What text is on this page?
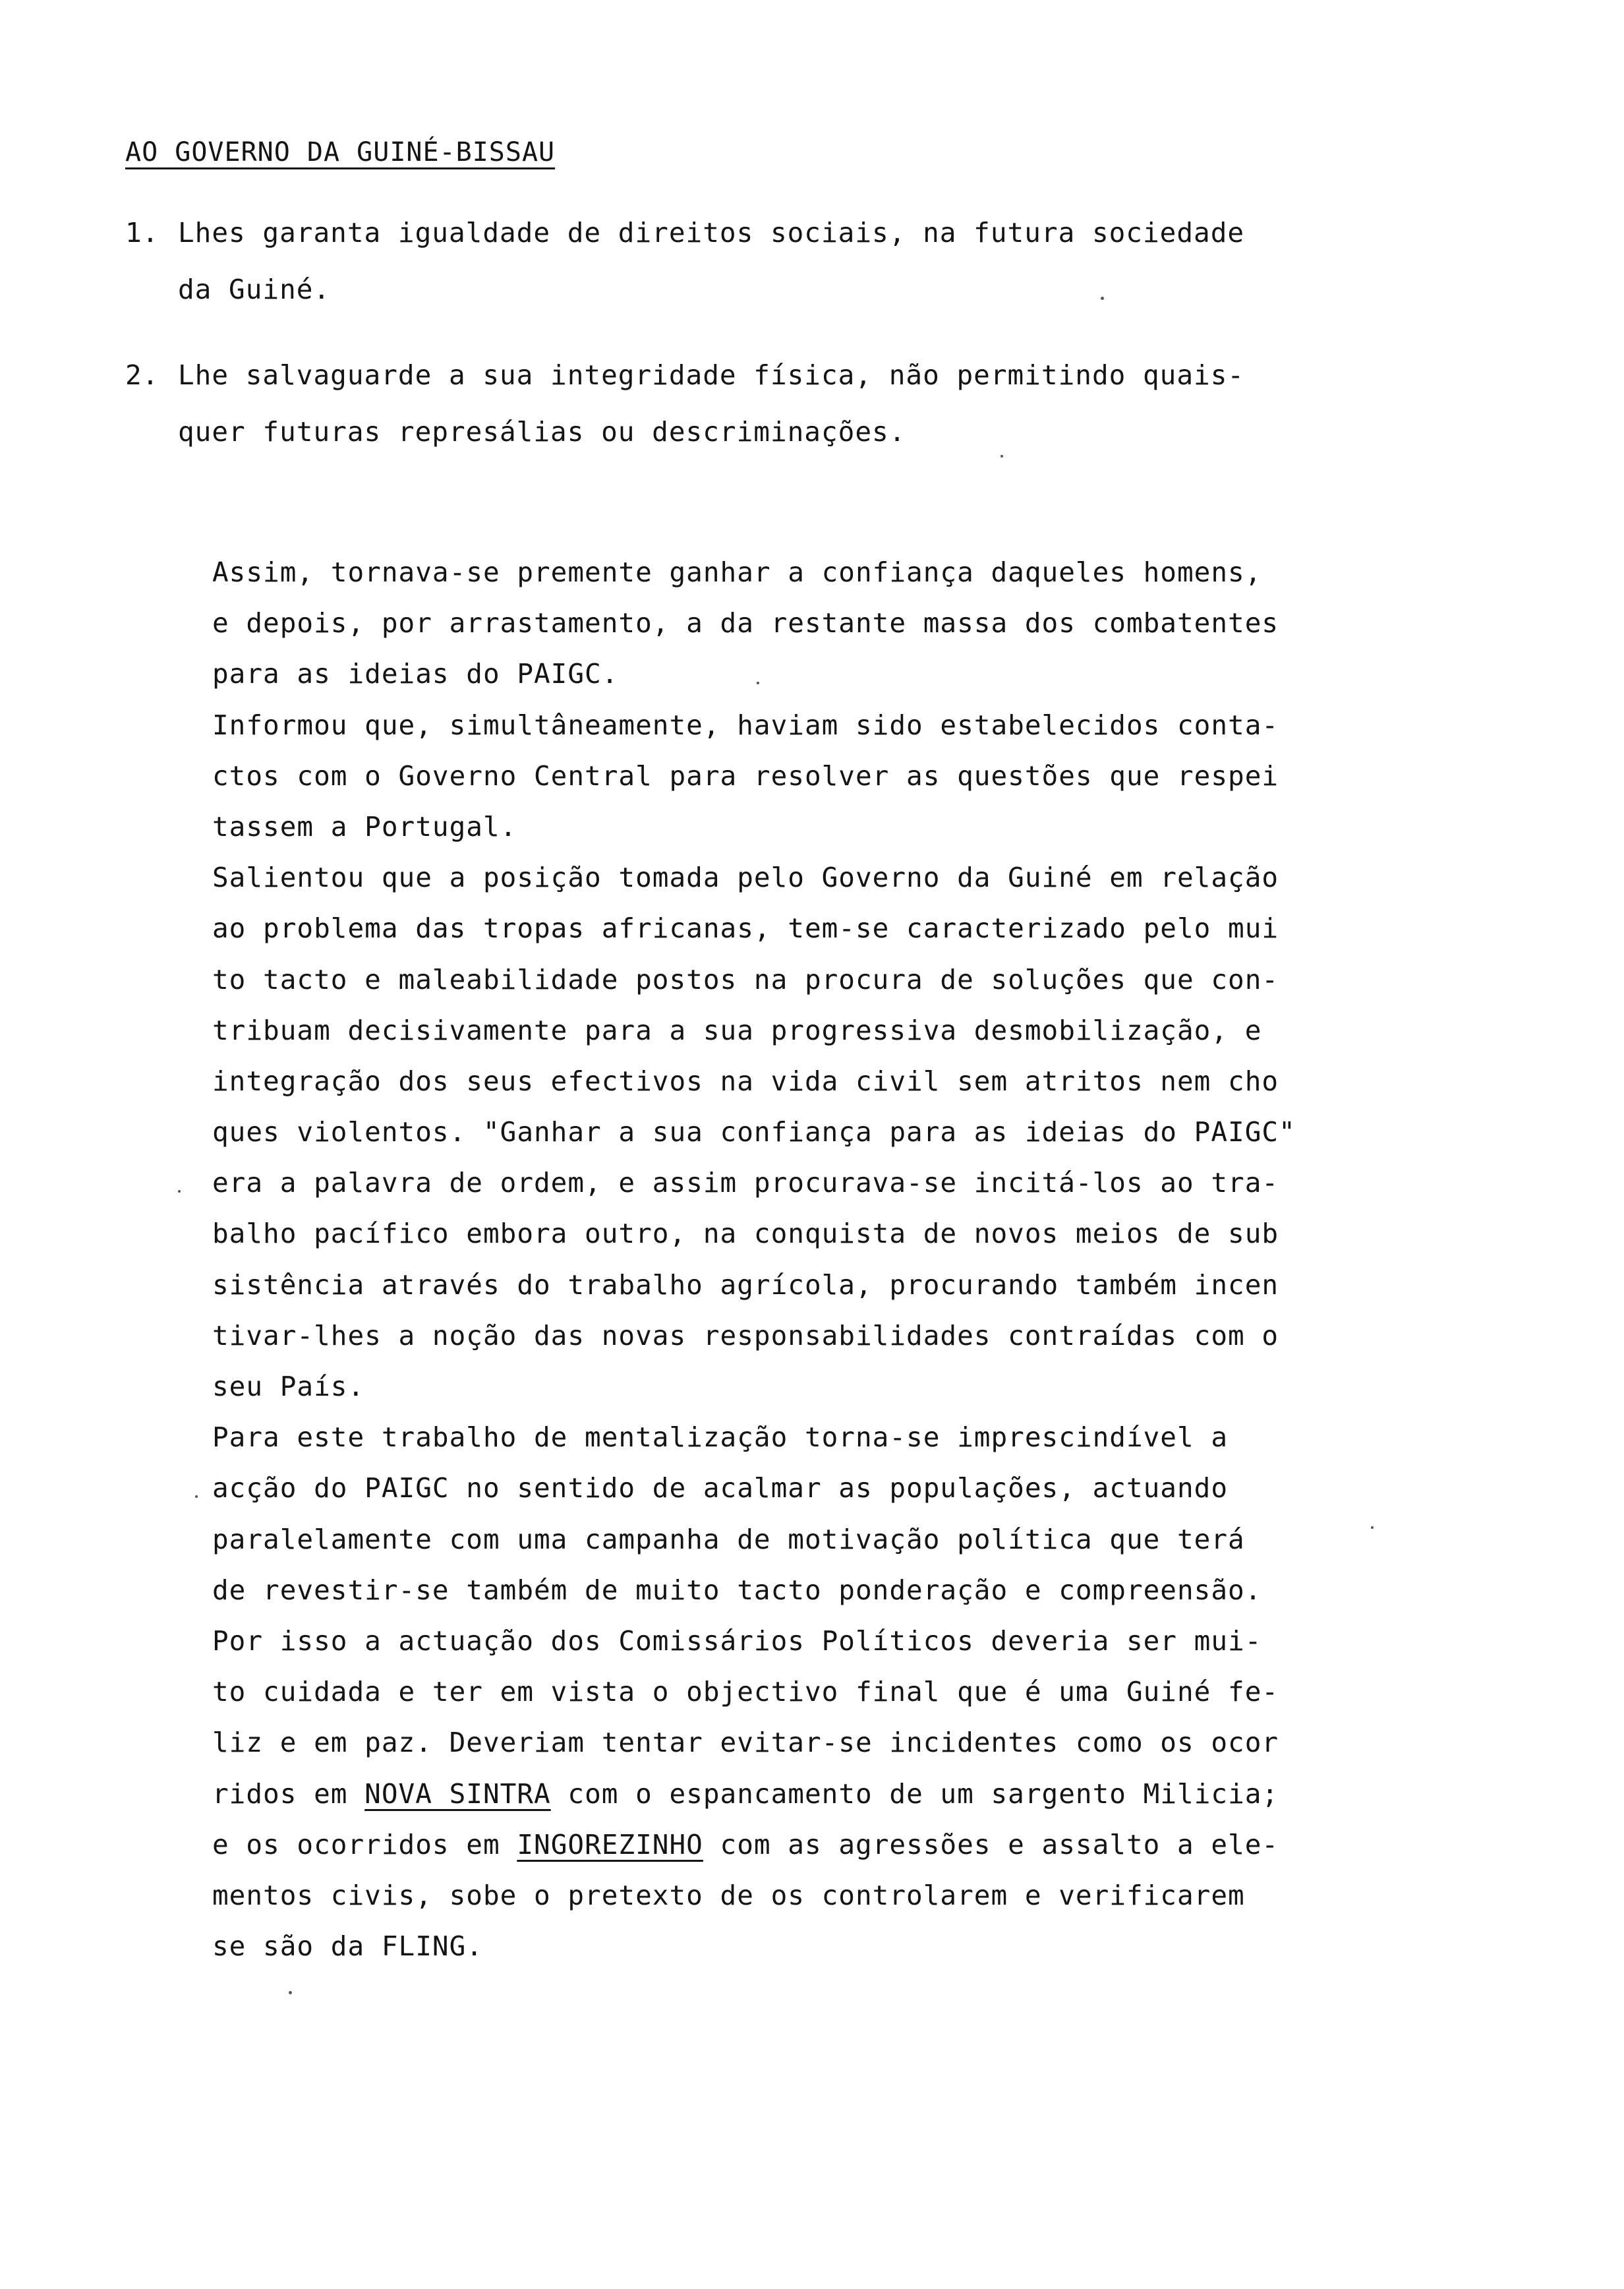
AO GOVERNO DA GUINÉ-BISSAU
1. Lhes garanta igualdade de direitos sociais, na futura sociedade
da Guiné.
2. Lhe salvaguarde a sua integridade física, não permitindo quais-
quer futuras represálias ou descriminações.
Assim, tornava-se premente ganhar a confiança daqueles homens,
e depois, por arrastamento, a da restante massa dos combatentes
para as ideias do PAIGC.
Informou que, simultâneamente, haviam sido estabelecidos conta-
ctos com o Governo Central para resolver as questões que respei
tassem a Portugal.
Salientou que a posição tomada pelo Governo da Guiné em relação
ao problema das tropas africanas, tem-se caracterizado pelo mui
to tacto e maleabilidade postos na procura de soluções que con-
tribuam decisivamente para a sua progressiva desmobilização, e
integração dos seus efectivos na vida civil sem atritos nem cho
ques violentos. "Ganhar a sua confiança para as ideias do PAIGC"
era a palavra de ordem, e assim procurava-se incitá-los ao tra-
balho pacífico embora outro, na conquista de novos meios de sub
sistência através do trabalho agrícola, procurando também incen
tivar-lhes a noção das novas responsabilidades contraídas com o
seu País.
Para este trabalho de mentalização torna-se imprescindível a
acção do PAIGC no sentido de acalmar as populações, actuando
paralelamente com uma campanha de motivação política que terá
de revestir-se também de muito tacto ponderação e compreensão.
Por isso a actuação dos Comissários Políticos deveria ser mui-
to cuidada e ter em vista o objectivo final que é uma Guiné fe-
liz e em paz. Deveriam tentar evitar-se incidentes como os ocor
ridos em NOVA SINTRA com o espancamento de um sargento Milicia;
e os ocorridos em INGOREZINHO com as agressões e assalto a ele-
mentos civis, sobe o pretexto de os controlarem e verificarem
se são da FLING.
